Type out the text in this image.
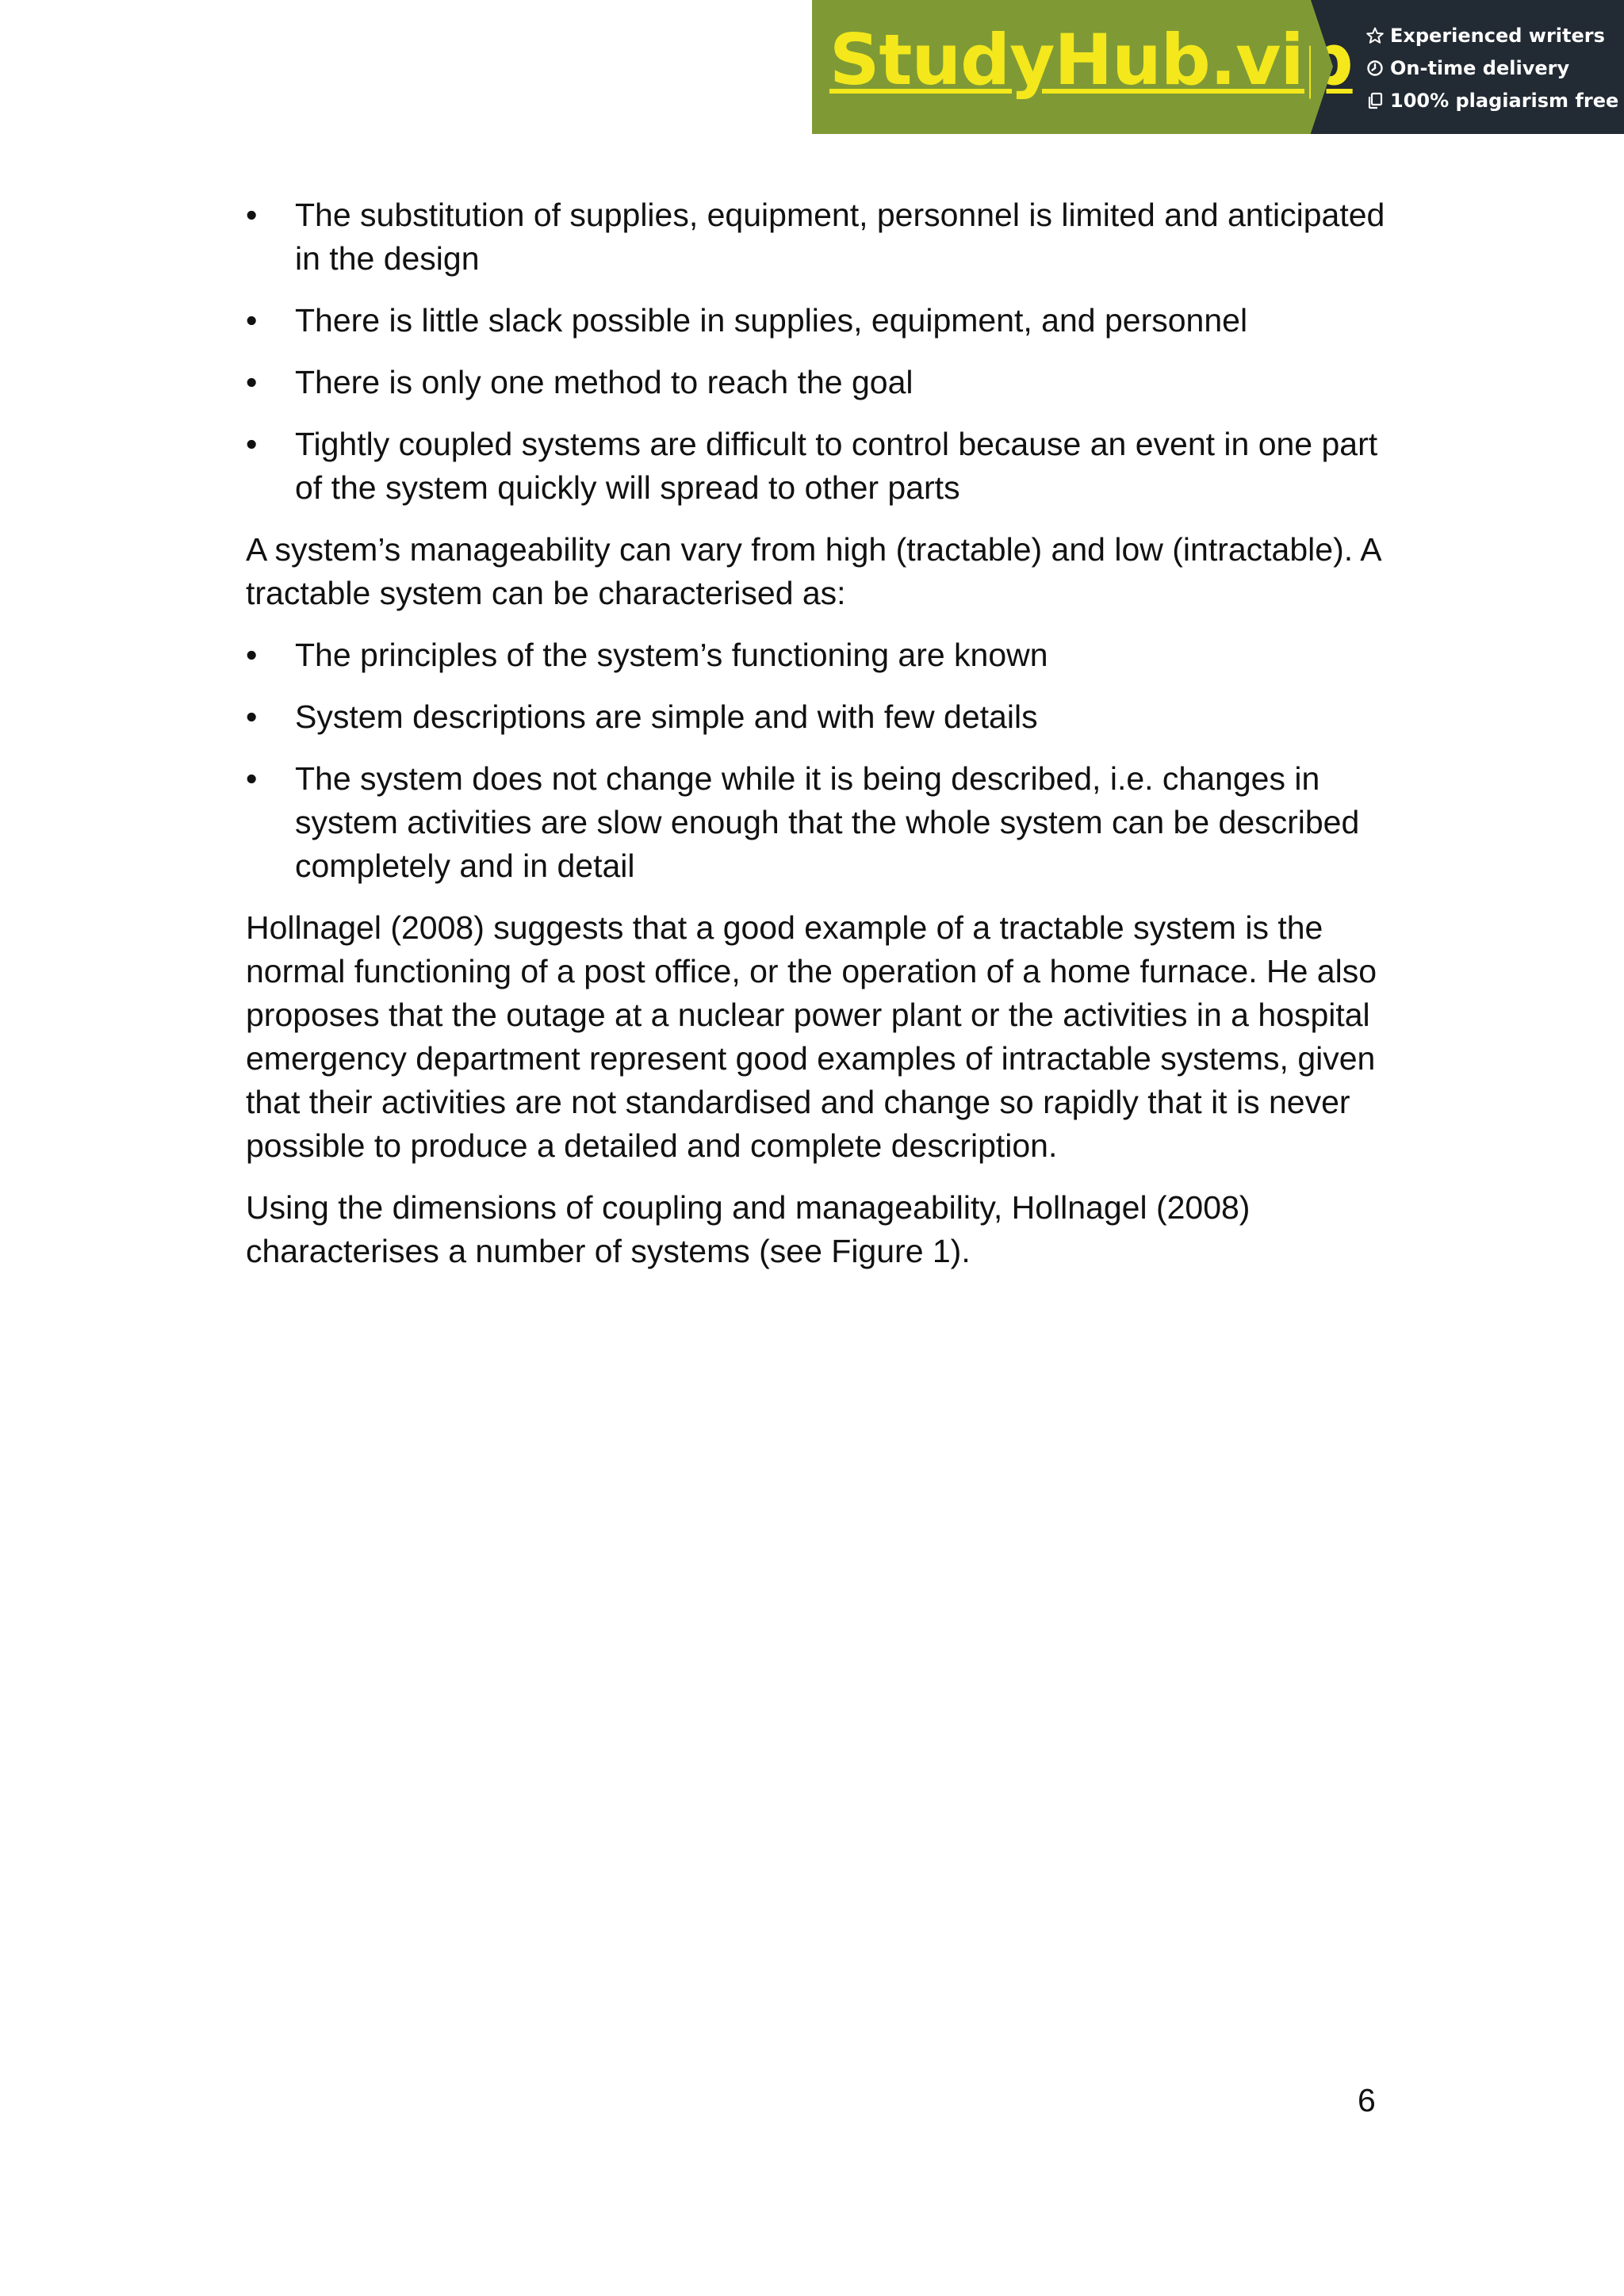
StudyHub.vip Experienced writers
On-time delivery
100% plagiarism free
•	The substitution of supplies, equipment, personnel is limited and anticipated in the design
•	There is little slack possible in supplies, equipment, and personnel
•	There is only one method to reach the goal
•	Tightly coupled systems are difficult to control because an event in one part of the system quickly will spread to other parts

A system’s manageability can vary from high (tractable) and low (intractable). A tractable system can be characterised as:

•	The principles of the system’s functioning are known
•	System descriptions are simple and with few details
•	The system does not change while it is being described, i.e. changes in system activities are slow enough that the whole system can be described completely and in detail

Hollnagel (2008) suggests that a good example of a tractable system is the normal functioning of a post office, or the operation of a home furnace. He also proposes that the outage at a nuclear power plant or the activities in a hospital emergency department represent good examples of intractable systems, given that their activities are not standardised and change so rapidly that it is never possible to produce a detailed and complete description.

Using the dimensions of coupling and manageability, Hollnagel (2008) characterises a number of systems (see Figure 1).

6
